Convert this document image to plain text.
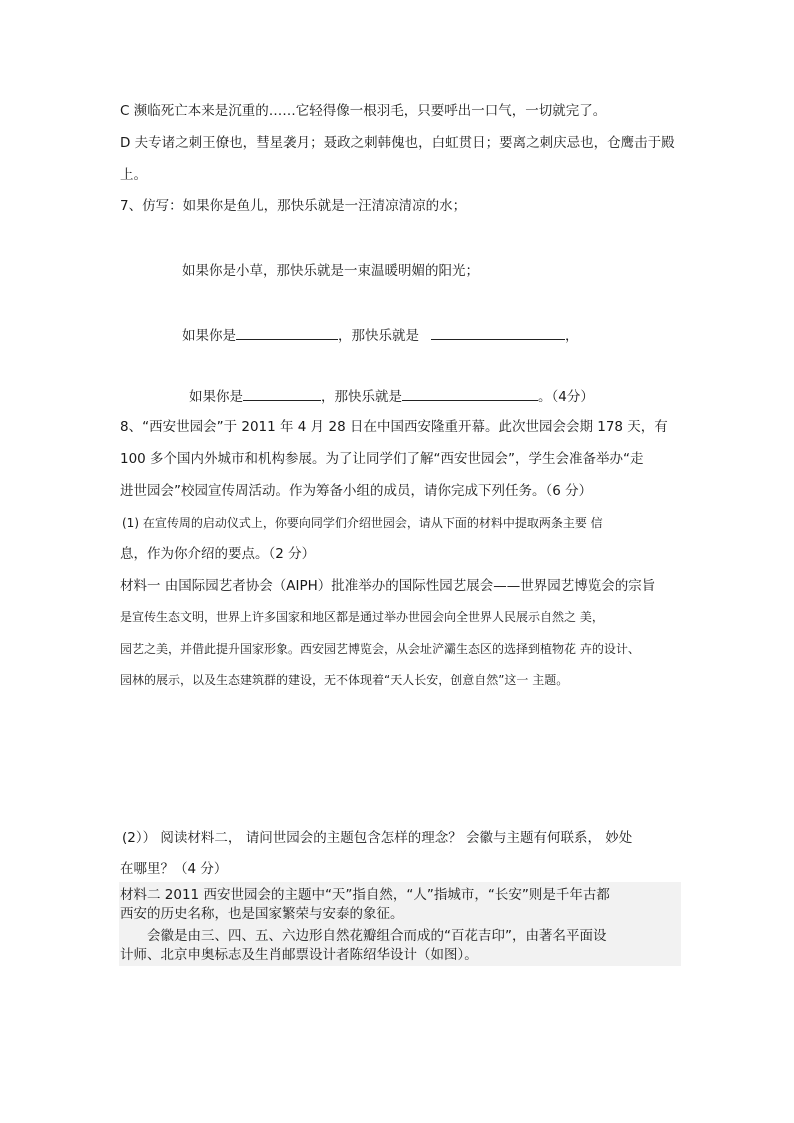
C 濒临死亡本来是沉重的……它轻得像一根羽毛，只要呼出一口气，一切就完了。
D 夫专诸之刺王僚也，彗星袭月；聂政之刺韩傀也，白虹贯日；要离之刺庆忌也，仓鹰击于殿
上。
7、仿写：如果你是鱼儿，那快乐就是一汪清凉清凉的水；
如果你是小草，那快乐就是一束温暖明媚的阳光；
如果你是	，那快乐就是	，
如果你是	，那快乐就是	。（4分）
8、“西安世园会”于 2011 年 4 月 28 日在中国西安隆重开幕。此次世园会会期 178 天，有
100 多个国内外城市和机构参展。为了让同学们了解“西安世园会”，学生会准备举办“走
进世园会”校园宣传周活动。作为筹备小组的成员，请你完成下列任务。（6 分）
(1) 在宣传周的启动仪式上，你要向同学们介绍世园会，请从下面的材料中提取两条主要 信
息，作为你介绍的要点。（2 分）
材料一 由国际园艺者协会（AIPH）批准举办的国际性园艺展会——世界园艺博览会的宗旨
是宣传生态文明，世界上许多国家和地区都是通过举办世园会向全世界人民展示自然之 美，
园艺之美，并借此提升国家形象。西安园艺博览会，从会址浐灞生态区的选择到植物花 卉的设计、
园林的展示，以及生态建筑群的建设，无不体现着“天人长安，创意自然”这一 主题。
(2）） 阅读材料二， 请问世园会的主题包含怎样的理念？ 会徽与主题有何联系， 妙处
在哪里？（4 分）
材料二 2011 西安世园会的主题中“天”指自然，“人”指城市，“长安”则是千年古都
西安的历史名称，也是国家繁荣与安泰的象征。
会徽是由三、四、五、六边形自然花瓣组合而成的“百花吉印”，由著名平面设
计师、北京申奥标志及生肖邮票设计者陈绍华设计（如图）。
